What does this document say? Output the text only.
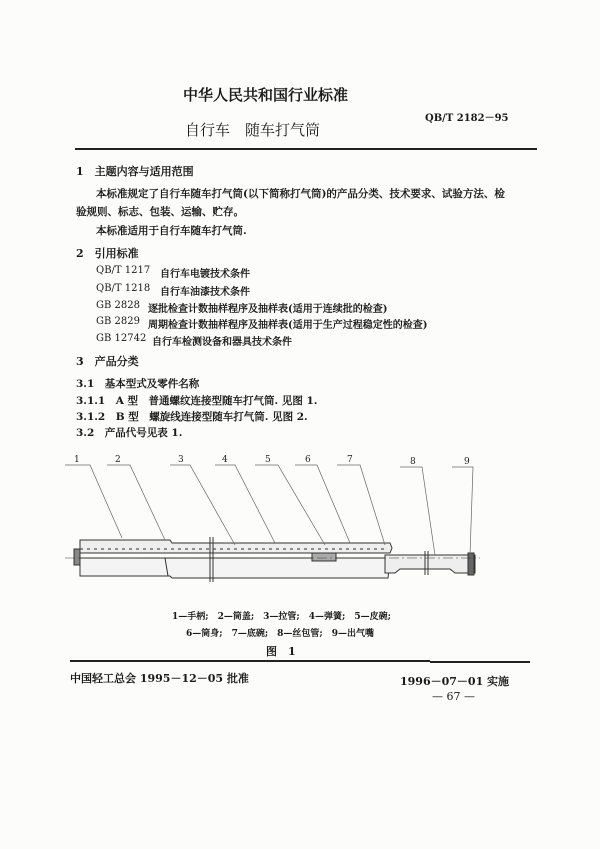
中华人民共和国行业标准
QB/T 2182－95
自行车　随车打气筒
1　主题内容与适用范围
本标准规定了自行车随车打气筒(以下简称打气筒)的产品分类、技术要求、试验方法、检
验规则、标志、包装、运输、贮存。
本标准适用于自行车随车打气筒.
2　引用标准
QB/T 1217 自行车电镀技术条件
QB/T 1218 自行车油漆技术条件
GB 2828 逐批检查计数抽样程序及抽样表(适用于连续批的检查)
GB 2829 周期检查计数抽样程序及抽样表(适用于生产过程稳定性的检查)
GB 12742 自行车检测设备和器具技术条件
3　产品分类
3.1　基本型式及零件名称
3.1.1　A 型　普通螺纹连接型随车打气筒. 见图 1.
3.1.2　B 型　螺旋线连接型随车打气筒. 见图 2.
3.2　产品代号见表 1.
1	2	3	4	5	6	7	8	9
1—手柄;　2—筒盖;　3—拉管;　4—弹簧;　5—皮碗;
6—筒身;　7—底碗;　8—丝包管;　9—出气嘴
图　1
中国轻工总会 1995－12－05 批准	1996－07－01 实施
— 67 —
